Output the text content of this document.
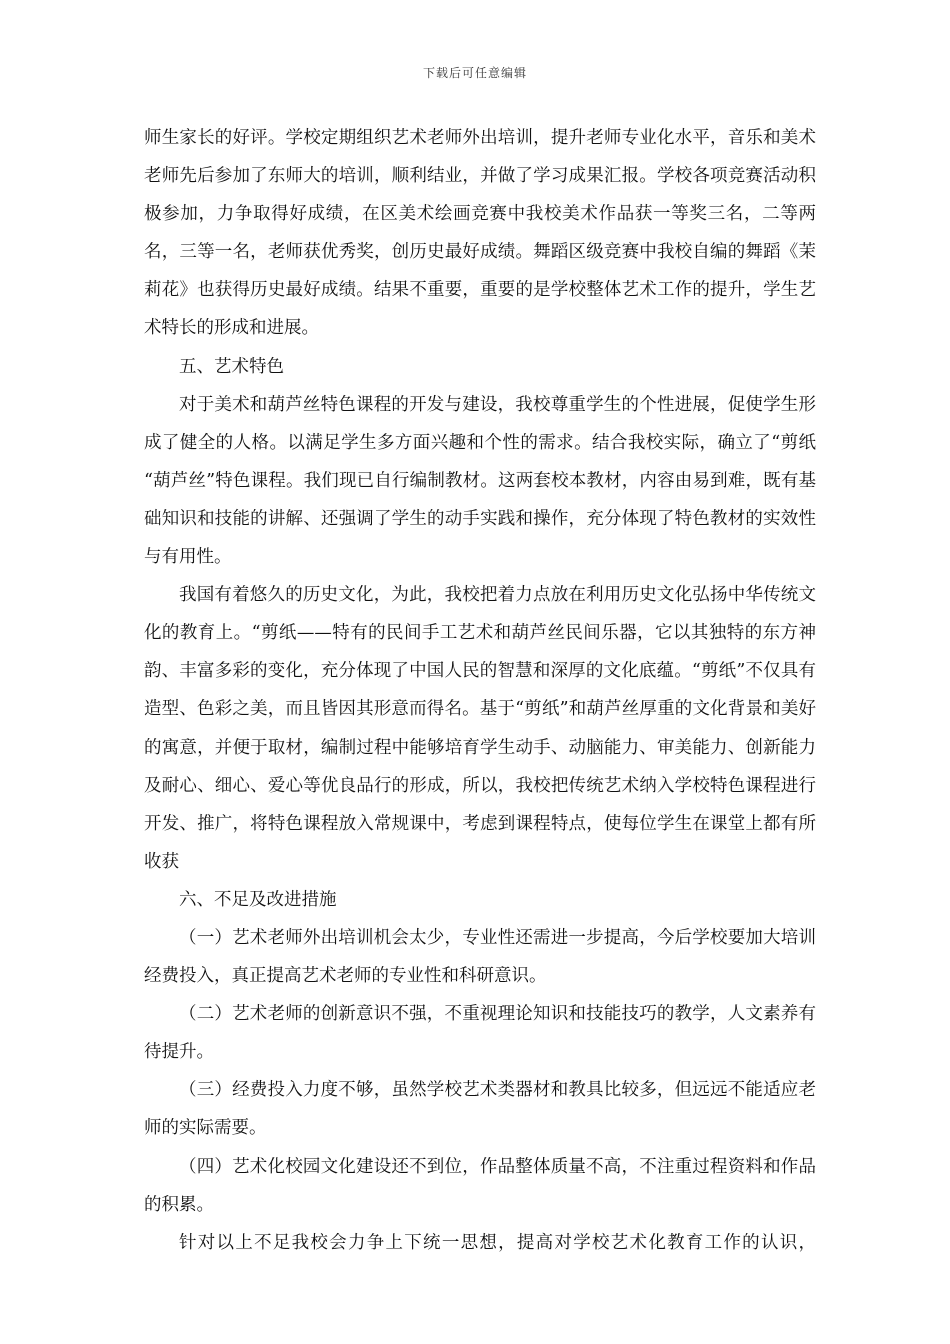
下载后可任意编辑

师生家长的好评。学校定期组织艺术老师外出培训，提升老师专业化水平，音乐和美术老师先后参加了东师大的培训，顺利结业，并做了学习成果汇报。学校各项竞赛活动积极参加，力争取得好成绩，在区美术绘画竞赛中我校美术作品获一等奖三名，二等两名，三等一名，老师获优秀奖，创历史最好成绩。舞蹈区级竞赛中我校自编的舞蹈《茉莉花》也获得历史最好成绩。结果不重要，重要的是学校整体艺术工作的提升，学生艺术特长的形成和进展。

五、艺术特色

对于美术和葫芦丝特色课程的开发与建设，我校尊重学生的个性进展，促使学生形成了健全的人格。以满足学生多方面兴趣和个性的需求。结合我校实际，确立了“剪纸 “葫芦丝”特色课程。我们现已自行编制教材。这两套校本教材，内容由易到难，既有基础知识和技能的讲解、还强调了学生的动手实践和操作，充分体现了特色教材的实效性与有用性。

我国有着悠久的历史文化，为此，我校把着力点放在利用历史文化弘扬中华传统文化的教育上。“剪纸——特有的民间手工艺术和葫芦丝民间乐器，它以其独特的东方神韵、丰富多彩的变化，充分体现了中国人民的智慧和深厚的文化底蕴。“剪纸”不仅具有造型、色彩之美，而且皆因其形意而得名。基于“剪纸”和葫芦丝厚重的文化背景和美好的寓意，并便于取材，编制过程中能够培育学生动手、动脑能力、审美能力、创新能力及耐心、细心、爱心等优良品行的形成，所以，我校把传统艺术纳入学校特色课程进行开发、推广，将特色课程放入常规课中，考虑到课程特点，使每位学生在课堂上都有所收获

六、不足及改进措施

（一）艺术老师外出培训机会太少，专业性还需进一步提高，今后学校要加大培训经费投入，真正提高艺术老师的专业性和科研意识。

（二）艺术老师的创新意识不强，不重视理论知识和技能技巧的教学，人文素养有待提升。

（三）经费投入力度不够，虽然学校艺术类器材和教具比较多，但远远不能适应老师的实际需要。

（四）艺术化校园文化建设还不到位，作品整体质量不高，不注重过程资料和作品的积累。

针对以上不足我校会力争上下统一思想，提高对学校艺术化教育工作的认识，
